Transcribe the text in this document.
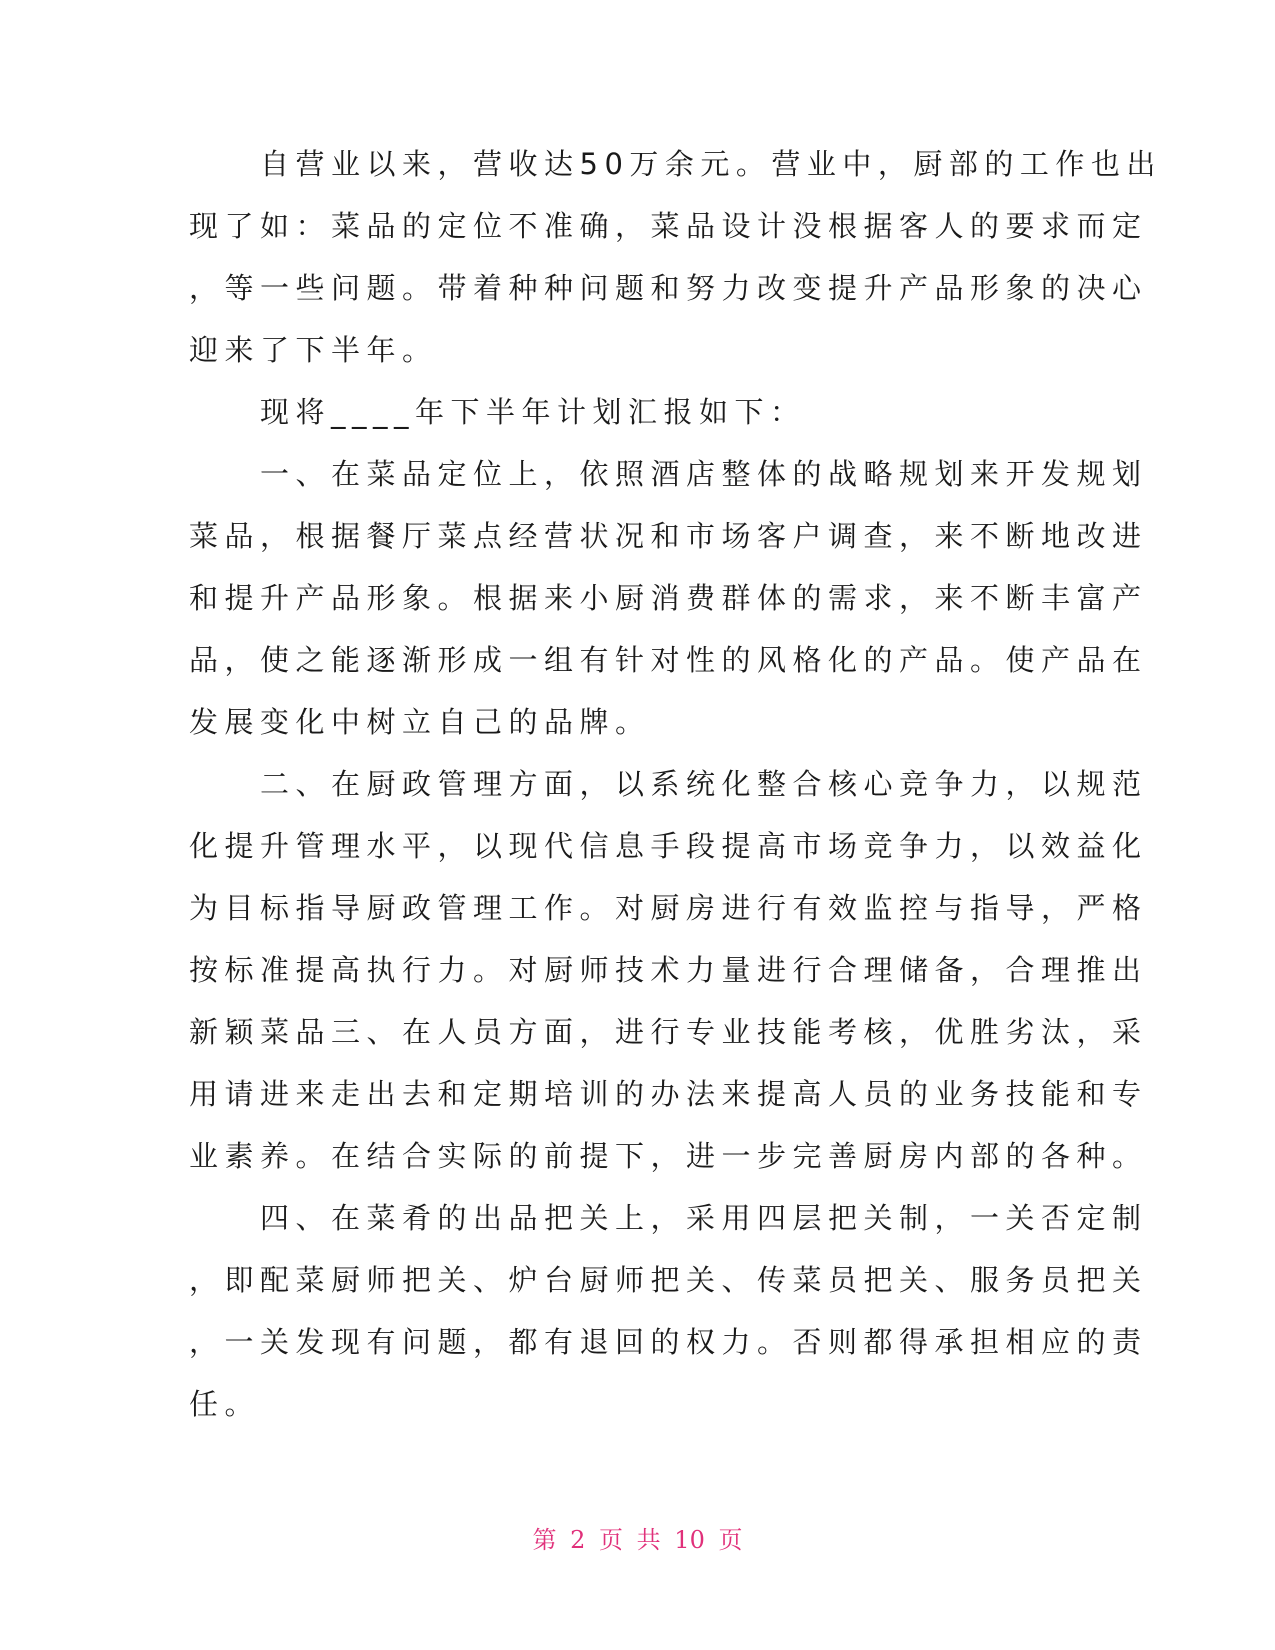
　　自营业以来，营收达50万余元。营业中，厨部的工作也出
现了如：菜品的定位不准确，菜品设计没根据客人的要求而定
，等一些问题。带着种种问题和努力改变提升产品形象的决心
迎来了下半年。
　　现将____年下半年计划汇报如下：
　　一、在菜品定位上，依照酒店整体的战略规划来开发规划
菜品，根据餐厅菜点经营状况和市场客户调查，来不断地改进
和提升产品形象。根据来小厨消费群体的需求，来不断丰富产
品，使之能逐渐形成一组有针对性的风格化的产品。使产品在
发展变化中树立自己的品牌。
　　二、在厨政管理方面，以系统化整合核心竞争力，以规范
化提升管理水平，以现代信息手段提高市场竞争力，以效益化
为目标指导厨政管理工作。对厨房进行有效监控与指导，严格
按标准提高执行力。对厨师技术力量进行合理储备，合理推出
新颖菜品三、在人员方面，进行专业技能考核，优胜劣汰，采
用请进来走出去和定期培训的办法来提高人员的业务技能和专
业素养。在结合实际的前提下，进一步完善厨房内部的各种。
　　四、在菜肴的出品把关上，采用四层把关制，一关否定制
，即配菜厨师把关、炉台厨师把关、传菜员把关、服务员把关
，一关发现有问题，都有退回的权力。否则都得承担相应的责
任。
第 2 页 共 10 页
